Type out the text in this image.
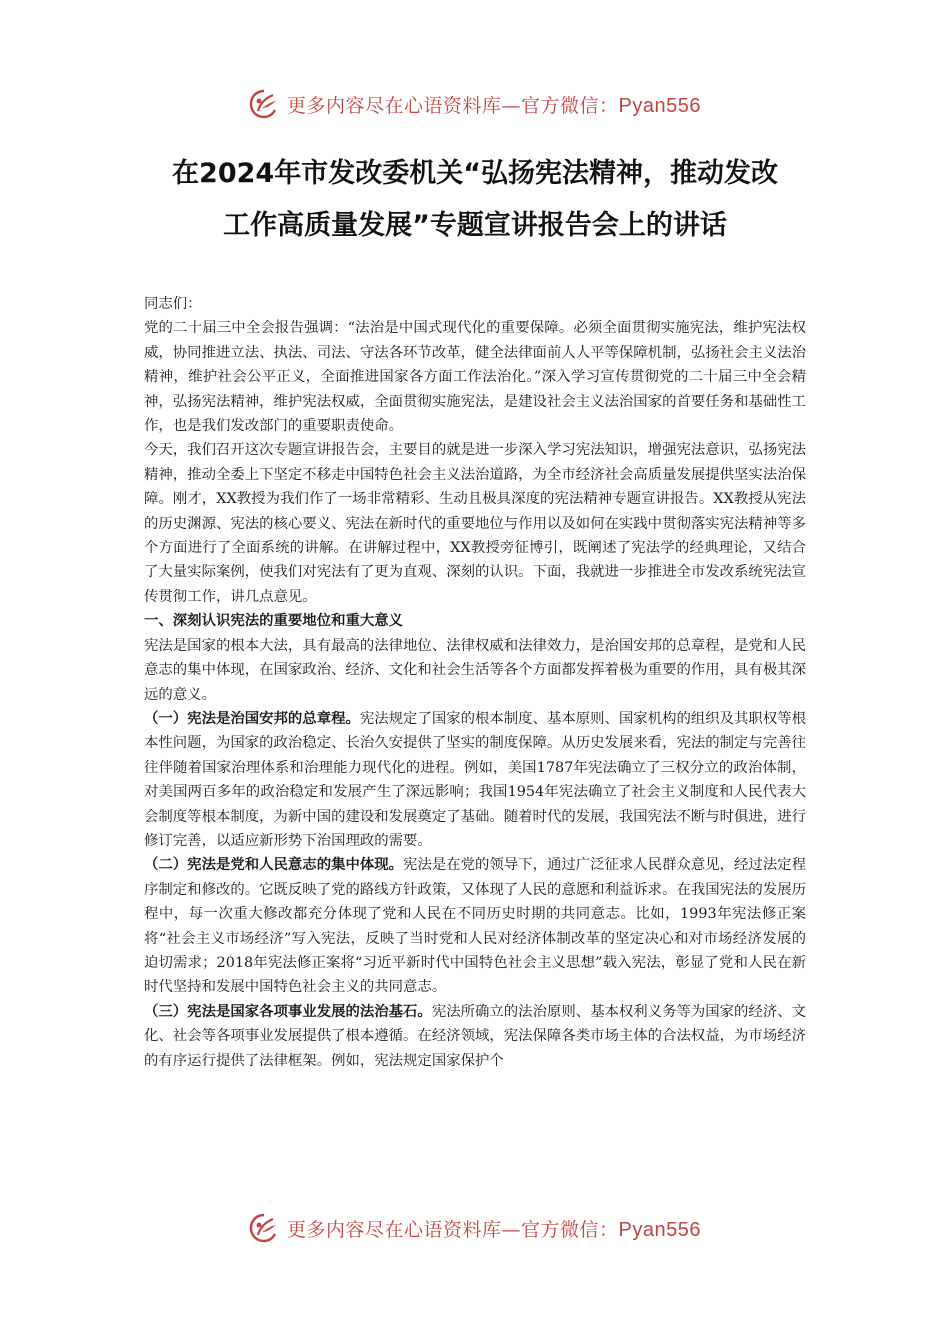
更多内容尽在心语资料库—官方微信：Pyan556
在2024年市发改委机关“弘扬宪法精神，推动发改
工作高质量发展”专题宣讲报告会上的讲话

同志们：

党的二十届三中全会报告强调：“法治是中国式现代化的重要保障。必须全面贯彻实施宪法，维护宪法权威，协同推进立法、执法、司法、守法各环节改革，健全法律面前人人平等保障机制，弘扬社会主义法治精神，维护社会公平正义，全面推进国家各方面工作法治化。”深入学习宣传贯彻党的二十届三中全会精神，弘扬宪法精神，维护宪法权威，全面贯彻实施宪法，是建设社会主义法治国家的首要任务和基础性工作，也是我们发改部门的重要职责使命。

今天，我们召开这次专题宣讲报告会，主要目的就是进一步深入学习宪法知识，增强宪法意识，弘扬宪法精神，推动全委上下坚定不移走中国特色社会主义法治道路，为全市经济社会高质量发展提供坚实法治保障。刚才，XX教授为我们作了一场非常精彩、生动且极具深度的宪法精神专题宣讲报告。XX教授从宪法的历史渊源、宪法的核心要义、宪法在新时代的重要地位与作用以及如何在实践中贯彻落实宪法精神等多个方面进行了全面系统的讲解。在讲解过程中，XX教授旁征博引，既阐述了宪法学的经典理论，又结合了大量实际案例，使我们对宪法有了更为直观、深刻的认识。下面，我就进一步推进全市发改系统宪法宣传贯彻工作，讲几点意见。

一、深刻认识宪法的重要地位和重大意义

宪法是国家的根本大法，具有最高的法律地位、法律权威和法律效力，是治国安邦的总章程，是党和人民意志的集中体现，在国家政治、经济、文化和社会生活等各个方面都发挥着极为重要的作用，具有极其深远的意义。

（一）宪法是治国安邦的总章程。宪法规定了国家的根本制度、基本原则、国家机构的组织及其职权等根本性问题，为国家的政治稳定、长治久安提供了坚实的制度保障。从历史发展来看，宪法的制定与完善往往伴随着国家治理体系和治理能力现代化的进程。例如，美国1787年宪法确立了三权分立的政治体制，对美国两百多年的政治稳定和发展产生了深远影响；我国1954年宪法确立了社会主义制度和人民代表大会制度等根本制度，为新中国的建设和发展奠定了基础。随着时代的发展，我国宪法不断与时俱进，进行修订完善，以适应新形势下治国理政的需要。

（二）宪法是党和人民意志的集中体现。宪法是在党的领导下，通过广泛征求人民群众意见，经过法定程序制定和修改的。它既反映了党的路线方针政策，又体现了人民的意愿和利益诉求。在我国宪法的发展历程中，每一次重大修改都充分体现了党和人民在不同历史时期的共同意志。比如，1993年宪法修正案将“社会主义市场经济”写入宪法，反映了当时党和人民对经济体制改革的坚定决心和对市场经济发展的迫切需求；2018年宪法修正案将“习近平新时代中国特色社会主义思想”载入宪法，彰显了党和人民在新时代坚持和发展中国特色社会主义的共同意志。

（三）宪法是国家各项事业发展的法治基石。宪法所确立的法治原则、基本权利义务等为国家的经济、文化、社会等各项事业发展提供了根本遵循。在经济领域，宪法保障各类市场主体的合法权益，为市场经济的有序运行提供了法律框架。例如，宪法规定国家保护个

更多内容尽在心语资料库—官方微信：Pyan556
